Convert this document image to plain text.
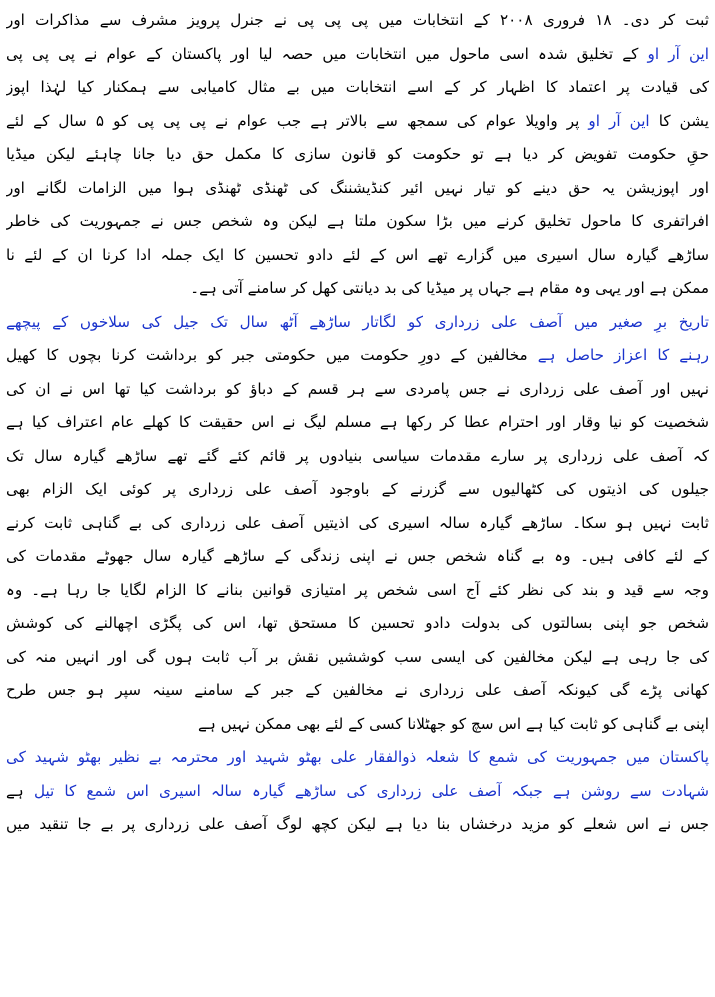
ثبت کر دی۔ ۱۸ فروری ۲۰۰۸ کے انتخابات میں پی پی پی نے جنرل پرویز مشرف سے مذاکرات اور
این آر او کے تخلیق شدہ اسی ماحول میں انتخابات میں حصہ لیا اور پاکستان کے عوام نے پی پی پی
کی قیادت پر اعتماد کا اظہار کر کے اسے انتخابات میں بے مثال کامیابی سے ہمکنار کیا لہٰذا اپوز
یشن کا این آر او پر واویلا عوام کی سمجھ سے بالاتر ہے جب عوام نے پی پی پی کو ۵ سال کے لئے
حقِ حکومت تفویض کر دیا ہے تو حکومت کو قانون سازی کا مکمل حق دیا جانا چاہئے لیکن میڈیا
اور اپوزیشن یہ حق دینے کو تیار نہیں ائیر کنڈیشننگ کی ٹھنڈی ٹھنڈی ہوا میں الزامات لگانے اور
افراتفری کا ماحول تخلیق کرنے میں بڑا سکون ملتا ہے لیکن وہ شخص جس نے جمہوریت کی خاطر
ساڑھے گیارہ سال اسیری میں گزارے تھے اس کے لئے دادو تحسین کا ایک جملہ ادا کرنا ان کے لئے نا
ممکن ہے اور یہی وہ مقام ہے جہاں پر میڈیا کی بد دیانتی کھل کر سامنے آتی ہے۔
تاریخ برِ صغیر میں آصف علی زرداری کو لگاتار ساڑھے آٹھ سال تک جیل کی سلاخوں کے پیچھے
رہنے کا اعزاز حاصل ہے مخالفین کے دورِ حکومت میں حکومتی جبر کو برداشت کرنا بچوں کا کھیل
نہیں اور آصف علی زرداری نے جس پامردی سے ہر قسم کے دباؤ کو برداشت کیا تھا اس نے ان کی
شخصیت کو نیا وقار اور احترام عطا کر رکھا ہے مسلم لیگ نے اس حقیقت کا کھلے عام اعتراف کیا ہے
کہ آصف علی زرداری پر سارے مقدمات سیاسی بنیادوں پر قائم کئے گئے تھے ساڑھے گیارہ سال تک
جیلوں کی اذیتوں کی کٹھالیوں سے گزرنے کے باوجود آصف علی زرداری پر کوئی ایک الزام بھی
ثابت نہیں ہو سکا۔ ساڑھے گیارہ سالہ اسیری کی اذیتیں آصف علی زرداری کی بے گناہی ثابت کرنے
کے لئے کافی ہیں۔ وہ بے گناہ شخص جس نے اپنی زندگی کے ساڑھے گیارہ سال جھوٹے مقدمات کی
وجہ سے قید و بند کی نظر کئے آج اسی شخص پر امتیازی قوانین بنانے کا الزام لگایا جا رہا ہے۔ وہ
شخص جو اپنی بسالتوں کی بدولت دادو تحسین کا مستحق تھا، اس کی پگڑی اچھالنے کی کوشش
کی جا رہی ہے لیکن مخالفین کی ایسی سب کوششیں نقش بر آب ثابت ہوں گی اور انہیں منہ کی
کھانی پڑے گی کیونکہ آصف علی زرداری نے مخالفین کے جبر کے سامنے سینہ سپر ہو جس طرح
اپنی بے گناہی کو ثابت کیا ہے اس سچ کو جھٹلانا کسی کے لئے بھی ممکن نہیں ہے
پاکستان میں جمہوریت کی شمع کا شعلہ ذوالفقار علی بھٹو شہید اور محترمہ بے نظیر بھٹو شہید کی
شہادت سے روشن ہے جبکہ آصف علی زرداری کی ساڑھے گیارہ سالہ اسیری اس شمع کا تیل ہے
جس نے اس شعلے کو مزید درخشاں بنا دیا ہے لیکن کچھ لوگ آصف علی زرداری پر بے جا تنقید میں
